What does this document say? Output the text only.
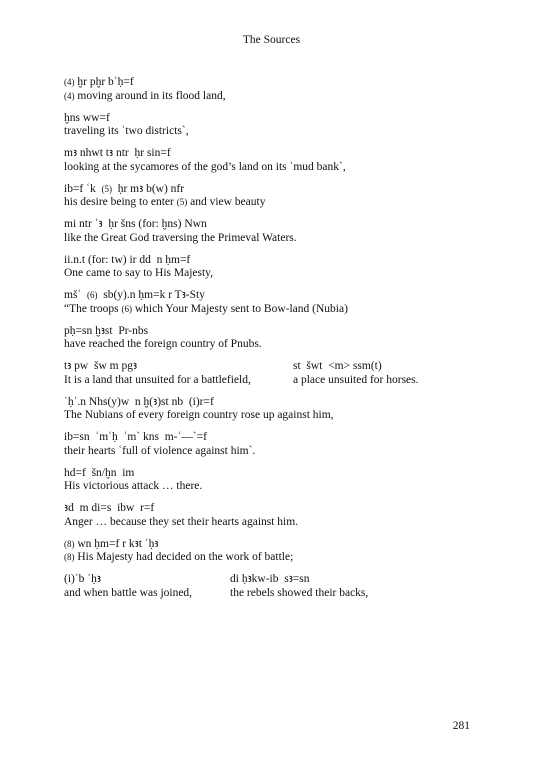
The Sources
(4) ḫr pḫr bʿḥ=f
(4) moving around in its flood land,
ḫns ww=f
traveling its ʿtwo districtsˋ,
mꜣ nhwt tꜣ ntr  ḥr sin=f
looking at the sycamores of the god’s land on its ʿmud bankˋ,
ib=f ʿk  (5)  ḥr mꜣ b(w) nfr
his desire being to enter (5) and view beauty
mi ntr ʿꜣ  ḥr šns (for: ḫns) Nwn
like the Great God traversing the Primeval Waters.
ii.n.t (for: tw) ir dd  n ḥm=f
One came to say to His Majesty,
mšʿ  (6)  sb(y).n ḥm=k r Tꜣ-Sty
“The troops (6) which Your Majesty sent to Bow-land (Nubia)
pḥ=sn ḫꜣst  Pr-nbs
have reached the foreign country of Pnubs.
tꜣ pw  šw m pgꜣ	st  šwt  <m> ssm(t)
It is a land that unsuited for a battlefield,	a place unsuited for horses.
ʿḥʿ.n Nhs(y)w  n ḫ(ꜣ)st nb  (i)r=f
The Nubians of every foreign country rose up against him,
ib=sn  ʿmʿḥ  ʿmˋ kns  m-ʿ—ˋ=f
their hearts ʿfull of violence against himˋ.
hd=f  šn/ḫn  im
His victorious attack … there.
ꜣd  m di=s  ibw  r=f
Anger … because they set their hearts against him.
(8) wn ḥm=f r kꜣt ʿḥꜣ
(8) His Majesty had decided on the work of battle;
(i)ʿb ʿḥꜣ	di ḥꜣkw-ib  sꜣ=sn
and when battle was joined,	the rebels showed their backs,
281
